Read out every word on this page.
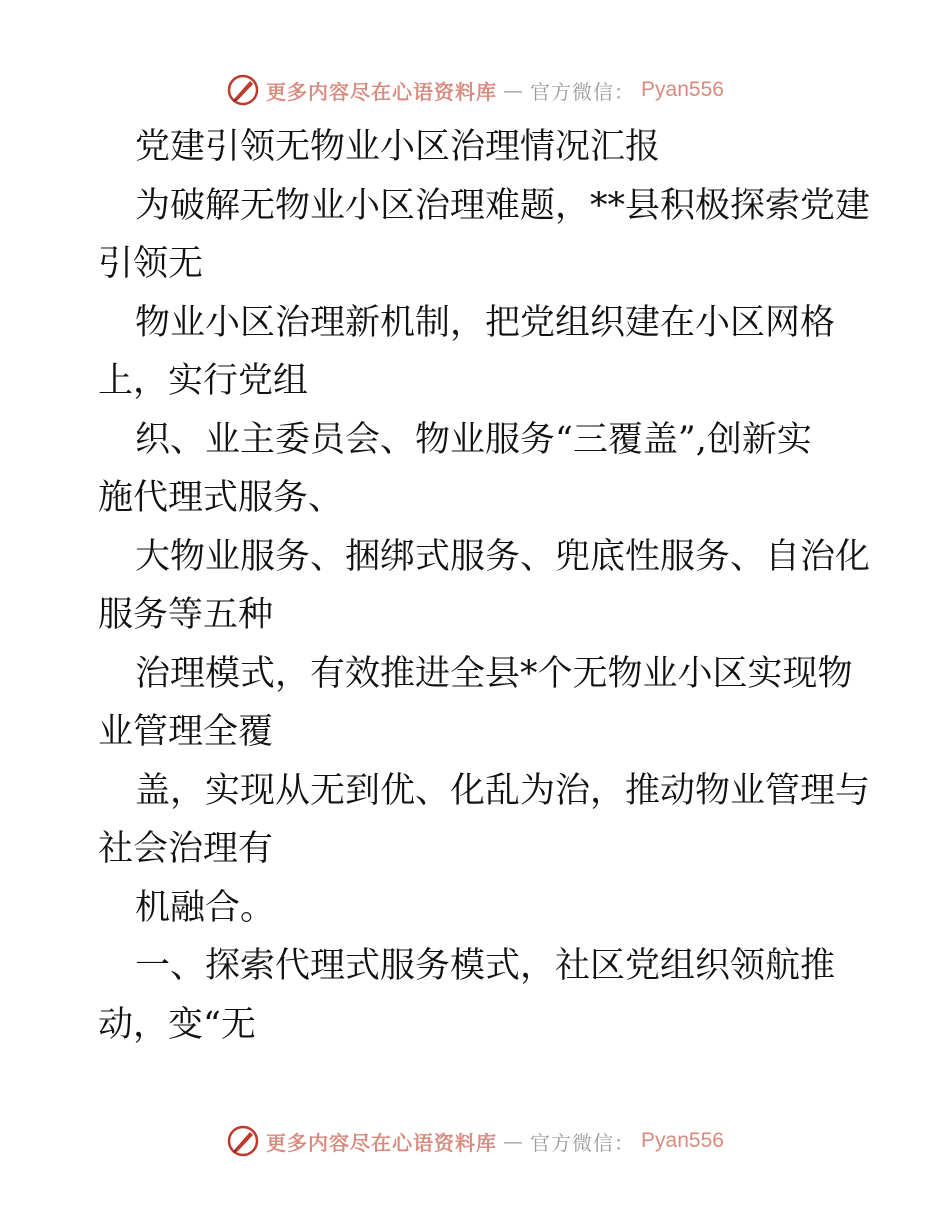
更多内容尽在心语资料库 — 官方微信： Pyan556
党建引领无物业小区治理情况汇报
为破解无物业小区治理难题，**县积极探索党建
引领无
物业小区治理新机制，把党组织建在小区网格
上，实行党组
织、业主委员会、物业服务“三覆盖”,创新实
施代理式服务、
大物业服务、捆绑式服务、兜底性服务、自治化
服务等五种
治理模式，有效推进全县*个无物业小区实现物
业管理全覆
盖，实现从无到优、化乱为治，推动物业管理与
社会治理有
机融合。
一、探索代理式服务模式，社区党组织领航推
动，变“无
更多内容尽在心语资料库 — 官方微信： Pyan556
